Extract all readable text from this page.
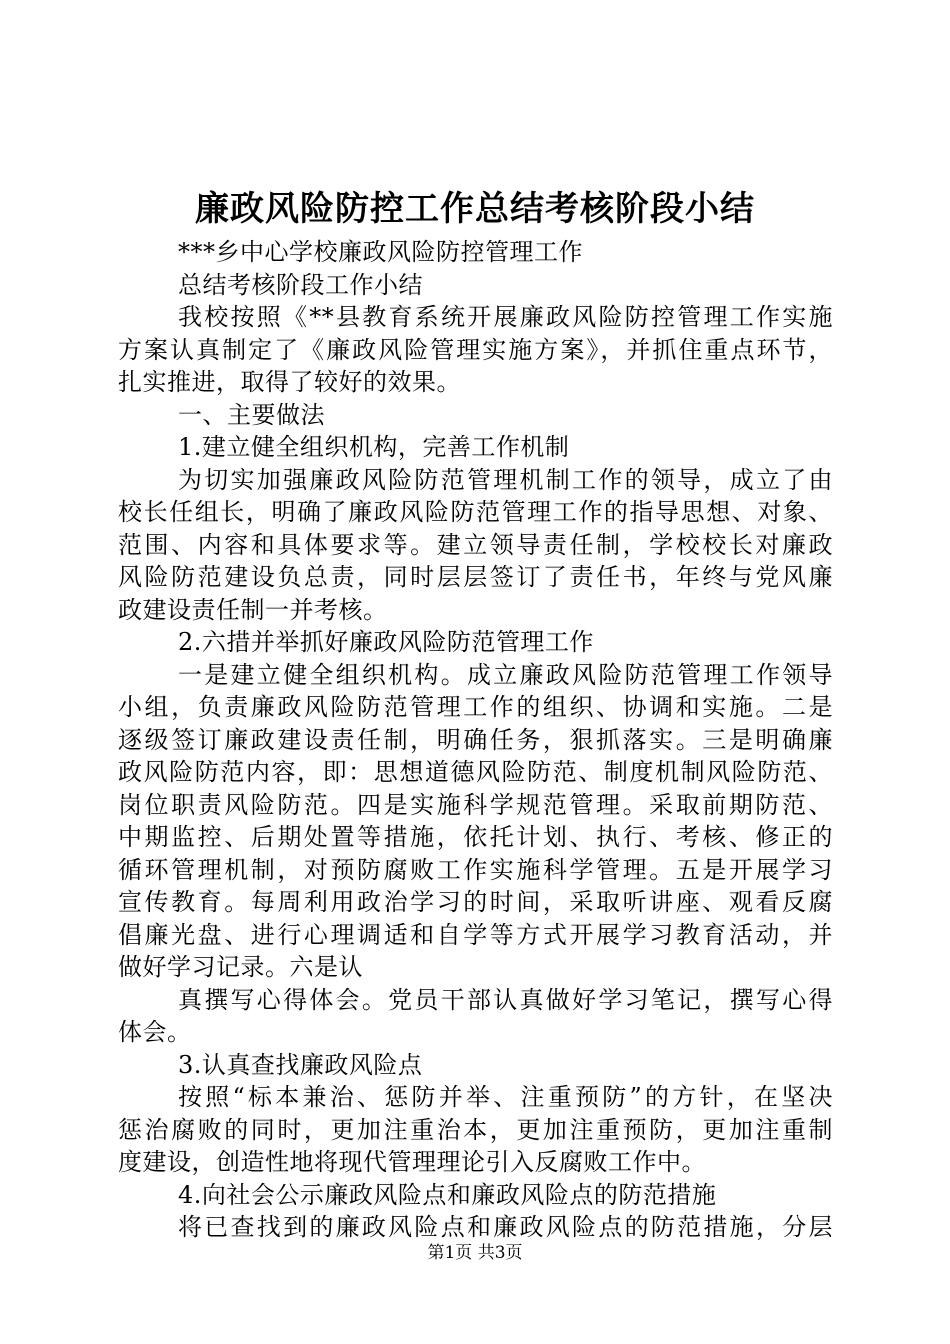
廉政风险防控工作总结考核阶段小结
***乡中心学校廉政风险防控管理工作
总结考核阶段工作小结
我校按照《**县教育系统开展廉政风险防控管理工作实施
方案认真制定了《廉政风险管理实施方案》，并抓住重点环节，
扎实推进，取得了较好的效果。
一、主要做法
1.建立健全组织机构，完善工作机制
为切实加强廉政风险防范管理机制工作的领导，成立了由
校长任组长，明确了廉政风险防范管理工作的指导思想、对象、
范围、内容和具体要求等。建立领导责任制，学校校长对廉政
风险防范建设负总责，同时层层签订了责任书，年终与党风廉
政建设责任制一并考核。
2.六措并举抓好廉政风险防范管理工作
一是建立健全组织机构。成立廉政风险防范管理工作领导
小组，负责廉政风险防范管理工作的组织、协调和实施。二是
逐级签订廉政建设责任制，明确任务，狠抓落实。三是明确廉
政风险防范内容，即：思想道德风险防范、制度机制风险防范、
岗位职责风险防范。四是实施科学规范管理。采取前期防范、
中期监控、后期处置等措施，依托计划、执行、考核、修正的
循环管理机制，对预防腐败工作实施科学管理。五是开展学习
宣传教育。每周利用政治学习的时间，采取听讲座、观看反腐
倡廉光盘、进行心理调适和自学等方式开展学习教育活动，并
做好学习记录。六是认
真撰写心得体会。党员干部认真做好学习笔记，撰写心得
体会。
3.认真查找廉政风险点
按照“标本兼治、惩防并举、注重预防”的方针，在坚决
惩治腐败的同时，更加注重治本，更加注重预防，更加注重制
度建设，创造性地将现代管理理论引入反腐败工作中。
4.向社会公示廉政风险点和廉政风险点的防范措施
将已查找到的廉政风险点和廉政风险点的防范措施，分层
第1页 共3页
